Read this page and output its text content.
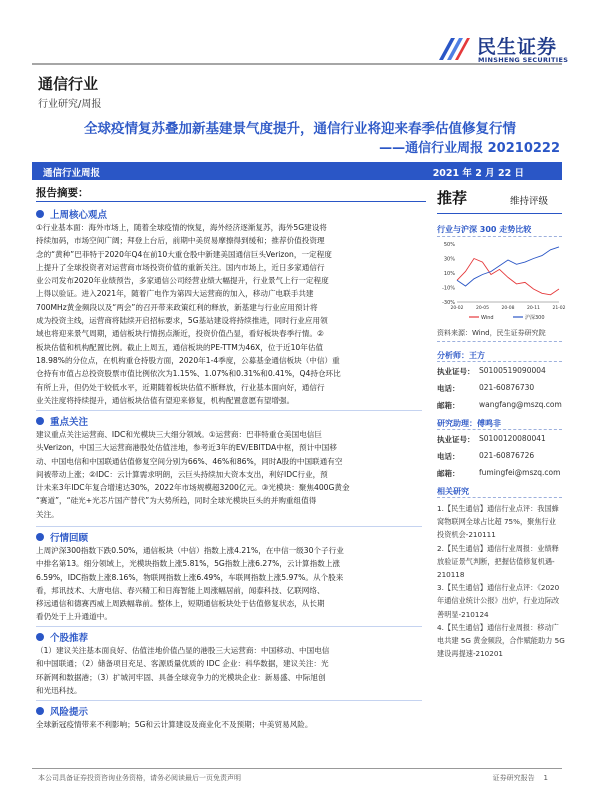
民生证券
MINSHENG SECURITIES
通信行业
行业研究/周报
全球疫情复苏叠加新基建景气度提升，通信行业将迎来春季估值修复行情
——通信行业周报 20210222
通信行业周报	2021 年 2 月 22 日
报告摘要：
上周核心观点
①行业基本面：海外市场上，随着全球疫情的恢复，海外经济逐渐复苏，海外5G建设将
持续加码，市场空间广阔；拜登上台后，前期中美贸易摩擦得到缓和；推荐价值投资理
念的“黄种”巴菲特于2020年Q4在前10大重仓股中新建美国通信巨头Verizon，一定程度
上提升了全球投资者对运营商市场投资价值的重新关注。国内市场上，近日多家通信行
业公司发布2020年业绩预告，多家通信公司经营业绩大幅提升，行业景气上行一定程度
上得以验证。进入2021年，随着广电作为第四大运营商的加入，移动广电联手共建
700MHz黄金频段以及“两会”的召开带来政策红利的释放，新基建与行业应用预计将
成为投资主线，运营商将陆续开启招标要求，5G基站建设将持续推进，同时行业应用领
域也将迎来景气周期，通信板块行情拐点渐近，投资价值凸显，看好板块春季行情。②
板块估值和机构配置比例。截止上周五，通信板块的PE-TTM为46X，位于近10年估值
18.98%的分位点，在机构重仓持股方面，2020年1-4季度，公募基金通信板块（中信）重
仓持有市值占总投资股票市值比例依次为1.15%、1.07%和0.31%和0.41%，Q4持仓环比
有所上升，但仍处于较低水平，近期随着板块估值不断释放，行业基本面向好，通信行
业关注度将持续提升，通信板块估值有望迎来修复，机构配置意愿有望增强。
重点关注
建议重点关注运营商、IDC和光模块三大细分领域。①运营商：巴菲特重仓美国电信巨
头Verizon，中国三大运营商港股处估值洼地，参考近3年的EV/EBITDA中枢，预计中国移
动、中国电信和中国联通估值修复空间分别为66%、46%和86%，同时A股的中国联通有空
间被带动上涨；②IDC：云计算需求明朗，云巨头持续加大资本支出，利好IDC行业，预
计未来3年IDC年复合增速达30%，2022年市场规模超3200亿元。③光模块：聚焦400G黄金
“赛道”，“硅光+光芯片国产替代”为大势所趋，同时全球光模块巨头的并购重组值得
关注。
行情回顾
上周沪深300指数下跌0.50%，通信板块（中信）指数上涨4.21%，在中信一级30个子行业
中排名第13。细分领域上，光模块指数上涨5.81%，5G指数上涨6.27%，云计算指数上涨
6.59%，IDC指数上涨8.16%，物联网指数上涨6.49%，车联网指数上涨5.97%。从个股来
看，邦讯技术、大唐电信、春兴精工和日海智能上周涨幅居前，闻泰科技、亿联网络、
移远通信和德赛西威上周跌幅靠前。整体上，短期通信板块处于估值修复状态，从长期
看仍处于上升通道中。
个股推荐
（1）建议关注基本面良好、估值洼地价值凸显的港股三大运营商：中国移动、中国电信
和中国联通；（2）储备项目充足、客源质量优质的 IDC 企业：科华数据，建议关注：光
环新网和数据港；（3）扩城河牢固、具备全球竞争力的光模块企业：新易盛、中际旭创
和光迅科技。
风险提示
全球新冠疫情带来不利影响；5G和云计算建设及商业化不及预期；中美贸易风险。
推荐	维持评级
行业与沪深 300 走势比较
50%
30%
10%
-10%
-30%
20-02	20-05	20-08	20-11	21-02
Wind	沪深300
资料来源：Wind，民生证券研究院
分析师：王方
执业证号： S0100519090004
电话：	021-60876730
邮箱：	wangfang@mszq.com
研究助理：傅鸣非
执业证号： S0100120080041
电话：	021-60876726
邮箱：	fumingfei@mszq.com
相关研究
1.【民生通信】通信行业点评：我国蜂
窝物联网全球占比超 75%，聚焦行业
投资机会-210111
2.【民生通信】通信行业周报：业绩释
放验证景气判断，把握估值修复机遇-
210118
3.【民生通信】通信行业点评：《2020
年通信业统计公报》出炉，行业边际改
善明显-210124
4.【民生通信】通信行业周报：移动广
电共建 5G 黄金频段，合作赋能助力 5G
建设再提速-210201
本公司具备证券投资咨询业务资格，请务必阅读最后一页免责声明	证券研究报告    1
